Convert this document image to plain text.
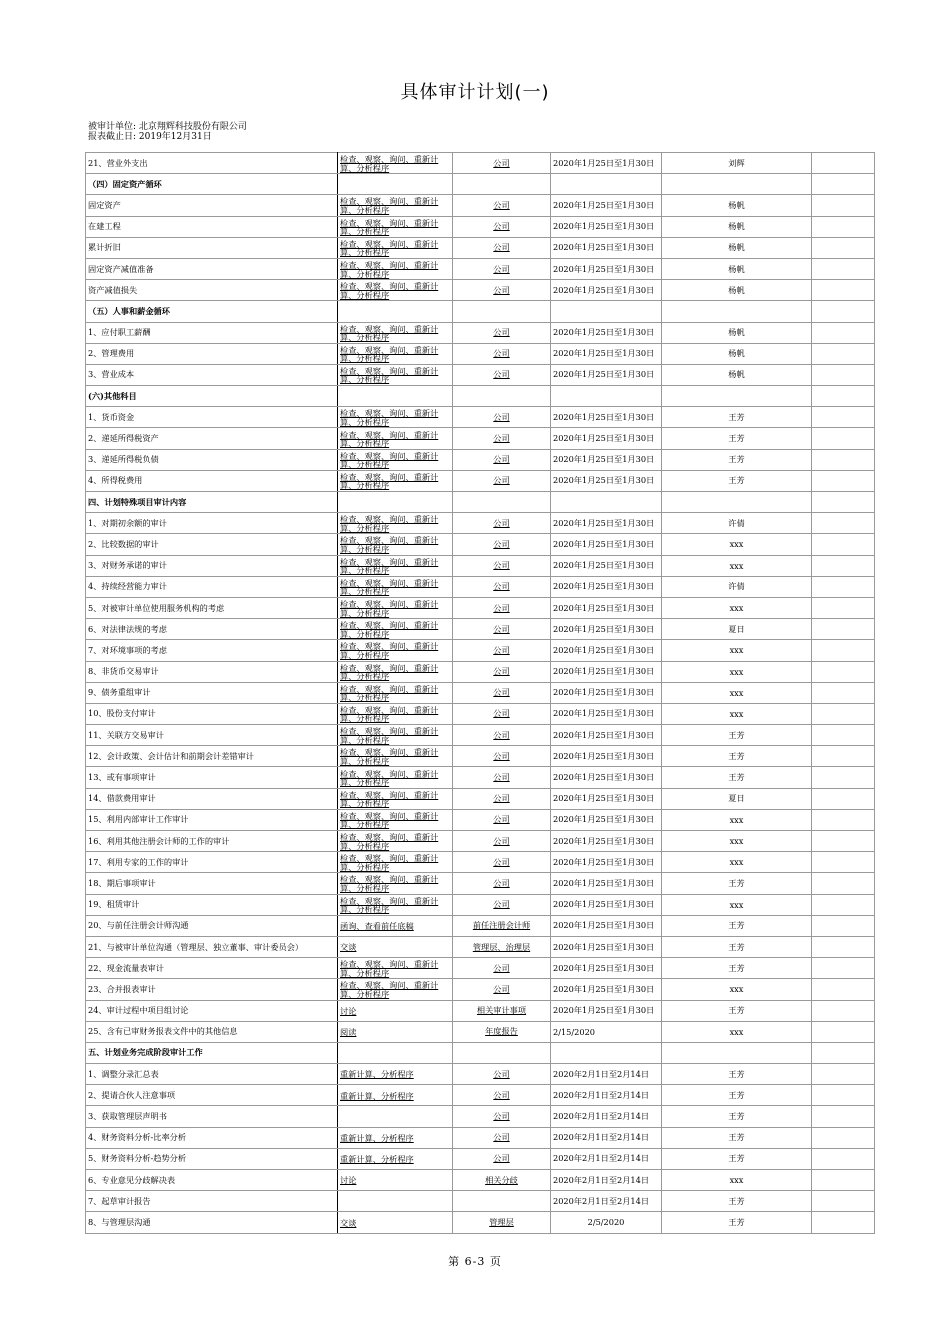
具体审计计划(一)
被审计单位: 北京翔辉科技股份有限公司
报表截止日: 2019年12月31日
21、营业外支出	检查、观察、询问、重新计算、分析程序	公司	2020年1月25日至1月30日	刘辉	
（四）固定资产循环					
固定资产	检查、观察、询问、重新计算、分析程序	公司	2020年1月25日至1月30日	杨帆	
在建工程	检查、观察、询问、重新计算、分析程序	公司	2020年1月25日至1月30日	杨帆	
累计折旧	检查、观察、询问、重新计算、分析程序	公司	2020年1月25日至1月30日	杨帆	
固定资产减值准备	检查、观察、询问、重新计算、分析程序	公司	2020年1月25日至1月30日	杨帆	
资产减值损失	检查、观察、询问、重新计算、分析程序	公司	2020年1月25日至1月30日	杨帆	
（五）人事和薪金循环					
1、应付职工薪酬	检查、观察、询问、重新计算、分析程序	公司	2020年1月25日至1月30日	杨帆	
2、管理费用	检查、观察、询问、重新计算、分析程序	公司	2020年1月25日至1月30日	杨帆	
3、营业成本	检查、观察、询问、重新计算、分析程序	公司	2020年1月25日至1月30日	杨帆	
(六)其他科目					
1、货币资金	检查、观察、询问、重新计算、分析程序	公司	2020年1月25日至1月30日	王芳	
2、递延所得税资产	检查、观察、询问、重新计算、分析程序	公司	2020年1月25日至1月30日	王芳	
3、递延所得税负债	检查、观察、询问、重新计算、分析程序	公司	2020年1月25日至1月30日	王芳	
4、所得税费用	检查、观察、询问、重新计算、分析程序	公司	2020年1月25日至1月30日	王芳	
四、计划特殊项目审计内容					
1、对期初余额的审计	检查、观察、询问、重新计算、分析程序	公司	2020年1月25日至1月30日	许倩	
2、比较数据的审计	检查、观察、询问、重新计算、分析程序	公司	2020年1月25日至1月30日	xxx	
3、对财务承诺的审计	检查、观察、询问、重新计算、分析程序	公司	2020年1月25日至1月30日	xxx	
4、持续经营能力审计	检查、观察、询问、重新计算、分析程序	公司	2020年1月25日至1月30日	许倩	
5、对被审计单位使用服务机构的考虑	检查、观察、询问、重新计算、分析程序	公司	2020年1月25日至1月30日	xxx	
6、对法律法规的考虑	检查、观察、询问、重新计算、分析程序	公司	2020年1月25日至1月30日	夏日	
7、对环境事项的考虑	检查、观察、询问、重新计算、分析程序	公司	2020年1月25日至1月30日	xxx	
8、非货币交易审计	检查、观察、询问、重新计算、分析程序	公司	2020年1月25日至1月30日	xxx	
9、债务重组审计	检查、观察、询问、重新计算、分析程序	公司	2020年1月25日至1月30日	xxx	
10、股份支付审计	检查、观察、询问、重新计算、分析程序	公司	2020年1月25日至1月30日	xxx	
11、关联方交易审计	检查、观察、询问、重新计算、分析程序	公司	2020年1月25日至1月30日	王芳	
12、会计政策、会计估计和前期会计差错审计	检查、观察、询问、重新计算、分析程序	公司	2020年1月25日至1月30日	王芳	
13、或有事项审计	检查、观察、询问、重新计算、分析程序	公司	2020年1月25日至1月30日	王芳	
14、借款费用审计	检查、观察、询问、重新计算、分析程序	公司	2020年1月25日至1月30日	夏日	
15、利用内部审计工作审计	检查、观察、询问、重新计算、分析程序	公司	2020年1月25日至1月30日	xxx	
16、利用其他注册会计师的工作的审计	检查、观察、询问、重新计算、分析程序	公司	2020年1月25日至1月30日	xxx	
17、利用专家的工作的审计	检查、观察、询问、重新计算、分析程序	公司	2020年1月25日至1月30日	xxx	
18、期后事项审计	检查、观察、询问、重新计算、分析程序	公司	2020年1月25日至1月30日	王芳	
19、租赁审计	检查、观察、询问、重新计算、分析程序	公司	2020年1月25日至1月30日	xxx	
20、与前任注册会计师沟通	函询、查看前任底稿	前任注册会计师	2020年1月25日至1月30日	王芳	
21、与被审计单位沟通（管理层、独立董事、审计委员会）	交谈	管理层、治理层	2020年1月25日至1月30日	王芳	
22、现金流量表审计	检查、观察、询问、重新计算、分析程序	公司	2020年1月25日至1月30日	王芳	
23、合并报表审计	检查、观察、询问、重新计算、分析程序	公司	2020年1月25日至1月30日	xxx	
24、审计过程中项目组讨论	讨论	相关审计事项	2020年1月25日至1月30日	王芳	
25、含有已审财务报表文件中的其他信息	阅读	年度报告	2/15/2020	xxx	
五、计划业务完成阶段审计工作					
1、调整分录汇总表	重新计算、分析程序	公司	2020年2月1日至2月14日	王芳	
2、提请合伙人注意事项	重新计算、分析程序	公司	2020年2月1日至2月14日	王芳	
3、获取管理层声明书		公司	2020年2月1日至2月14日	王芳	
4、财务资料分析-比率分析	重新计算、分析程序	公司	2020年2月1日至2月14日	王芳	
5、财务资料分析-趋势分析	重新计算、分析程序	公司	2020年2月1日至2月14日	王芳	
6、专业意见分歧解决表	讨论	相关分歧	2020年2月1日至2月14日	xxx	
7、起草审计报告			2020年2月1日至2月14日	王芳	
8、与管理层沟通	交谈	管理层	2/5/2020	王芳	
第 6-3 页
